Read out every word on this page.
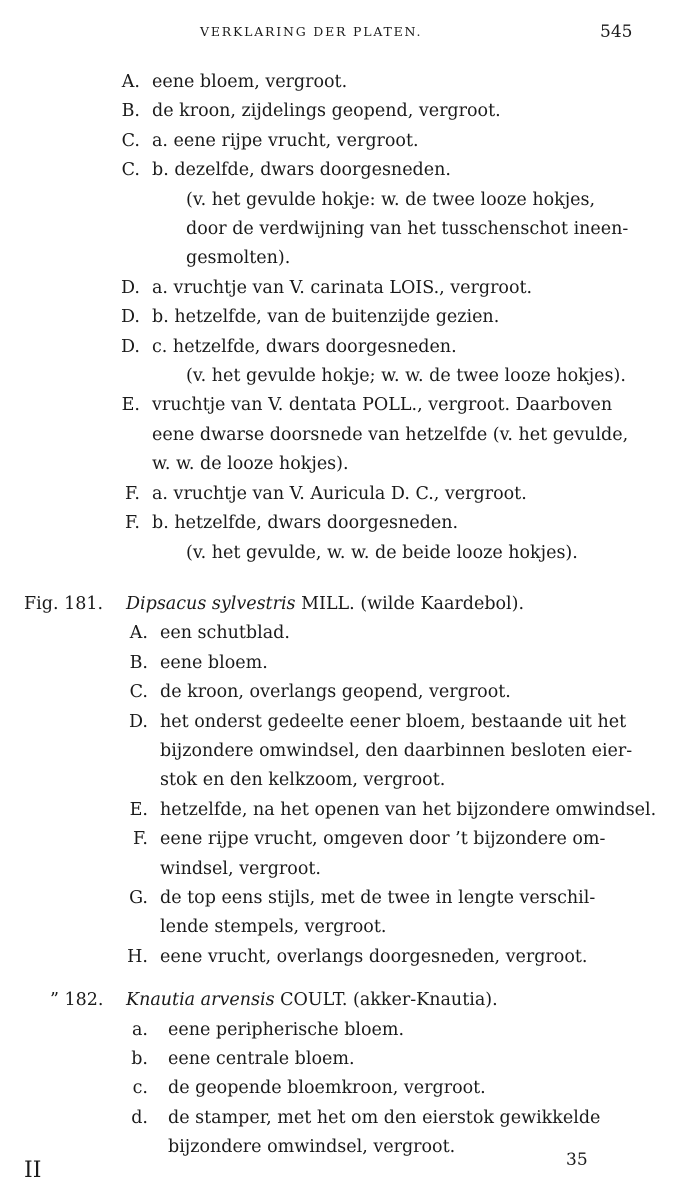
VERKLARING DER PLATEN.	545
A. eene bloem, vergroot.
B. de kroon, zijdelings geopend, vergroot.
C. a. eene rijpe vrucht, vergroot.
C. b. dezelfde, dwars doorgesneden.
(v. het gevulde hokje: w. de twee looze hokjes,
door de verdwijning van het tusschenschot ineen-
gesmolten).
D. a. vruchtje van V. carinata LOIS., vergroot.
D. b. hetzelfde, van de buitenzijde gezien.
D. c. hetzelfde, dwars doorgesneden.
(v. het gevulde hokje; w. w. de twee looze hokjes).
E. vruchtje van V. dentata POLL., vergroot. Daarboven
eene dwarse doorsnede van hetzelfde (v. het gevulde,
w. w. de looze hokjes).
F. a. vruchtje van V. Auricula D. C., vergroot.
F. b. hetzelfde, dwars doorgesneden.
(v. het gevulde, w. w. de beide looze hokjes).
Fig. 181. Dipsacus sylvestris MILL. (wilde Kaardebol).
A. een schutblad.
B. eene bloem.
C. de kroon, overlangs geopend, vergroot.
D. het onderst gedeelte eener bloem, bestaande uit het
bijzondere omwindsel, den daarbinnen besloten eier-
stok en den kelkzoom, vergroot.
E. hetzelfde, na het openen van het bijzondere omwindsel.
F. eene rijpe vrucht, omgeven door ’t bijzondere om-
windsel, vergroot.
G. de top eens stijls, met de twee in lengte verschil-
lende stempels, vergroot.
H. eene vrucht, overlangs doorgesneden, vergroot.
” 182. Knautia arvensis COULT. (akker-Knautia).
a. eene peripherische bloem.
b. eene centrale bloem.
c. de geopende bloemkroon, vergroot.
d. de stamper, met het om den eierstok gewikkelde
bijzondere omwindsel, vergroot.
II	35
